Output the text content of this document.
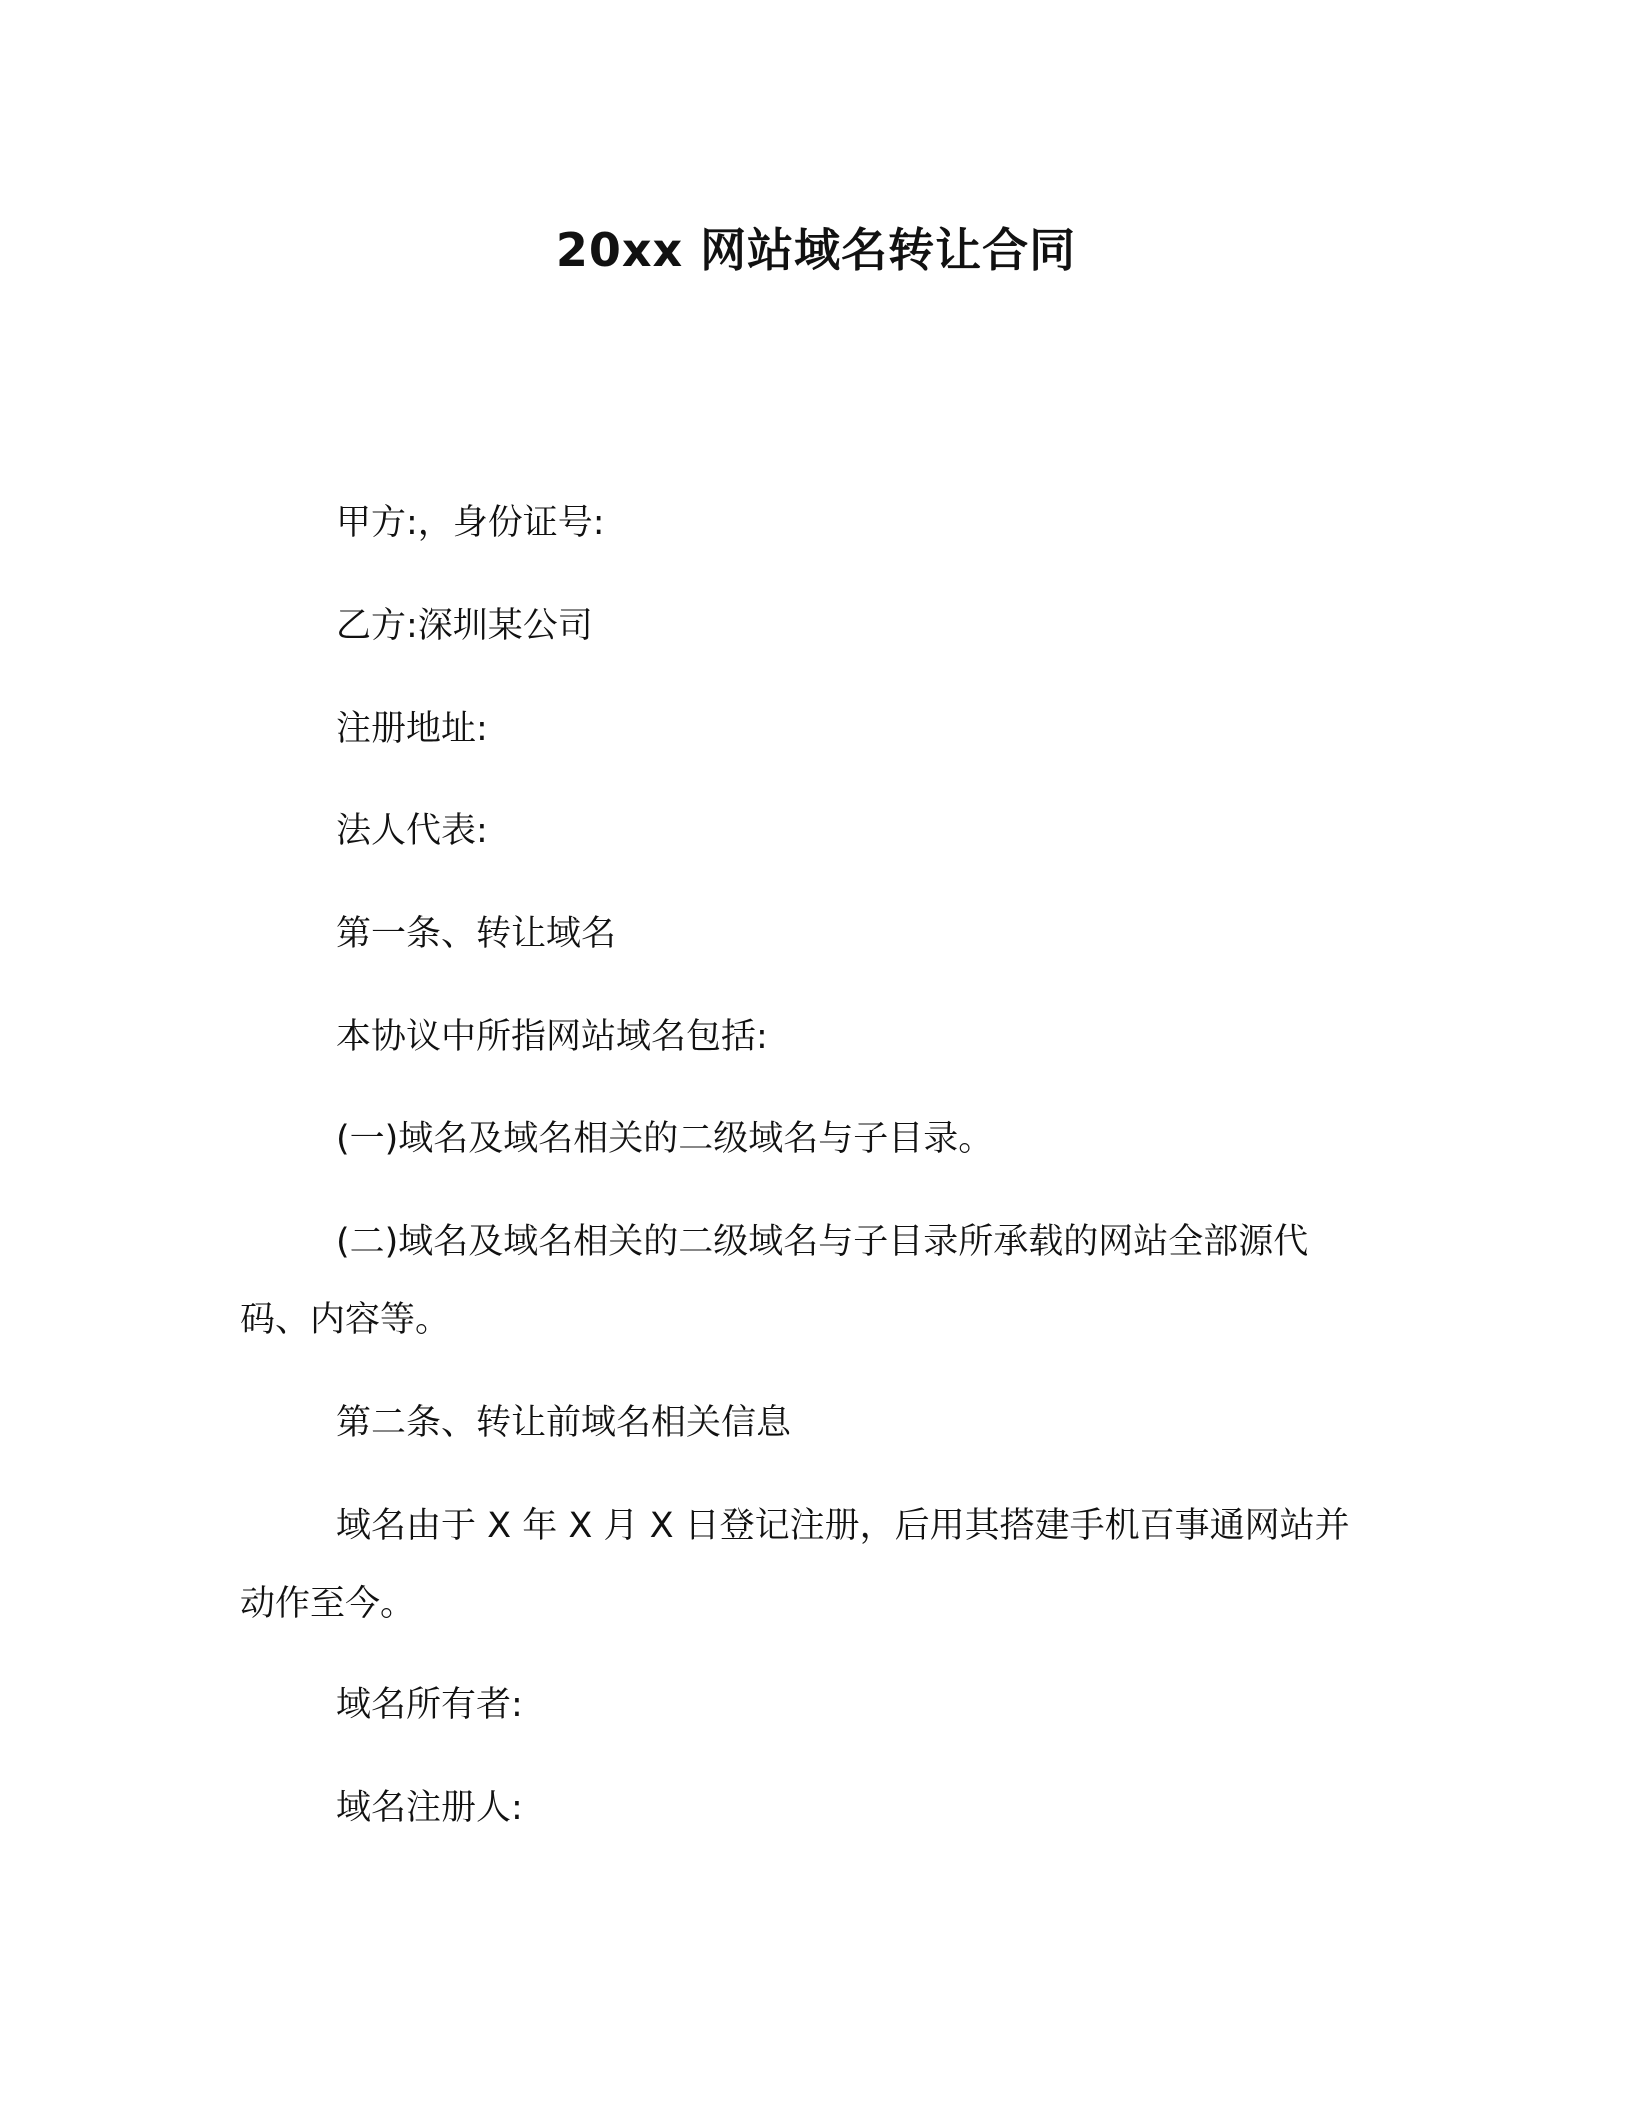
20xx 网站域名转让合同

甲方:，身份证号:

乙方:深圳某公司

注册地址:

法人代表:

第一条、转让域名

本协议中所指网站域名包括:

(一)域名及域名相关的二级域名与子目录。

(二)域名及域名相关的二级域名与子目录所承载的网站全部源代码、内容等。

第二条、转让前域名相关信息

域名由于 X 年 X 月 X 日登记注册，后用其搭建手机百事通网站并动作至今。

域名所有者:

域名注册人:
